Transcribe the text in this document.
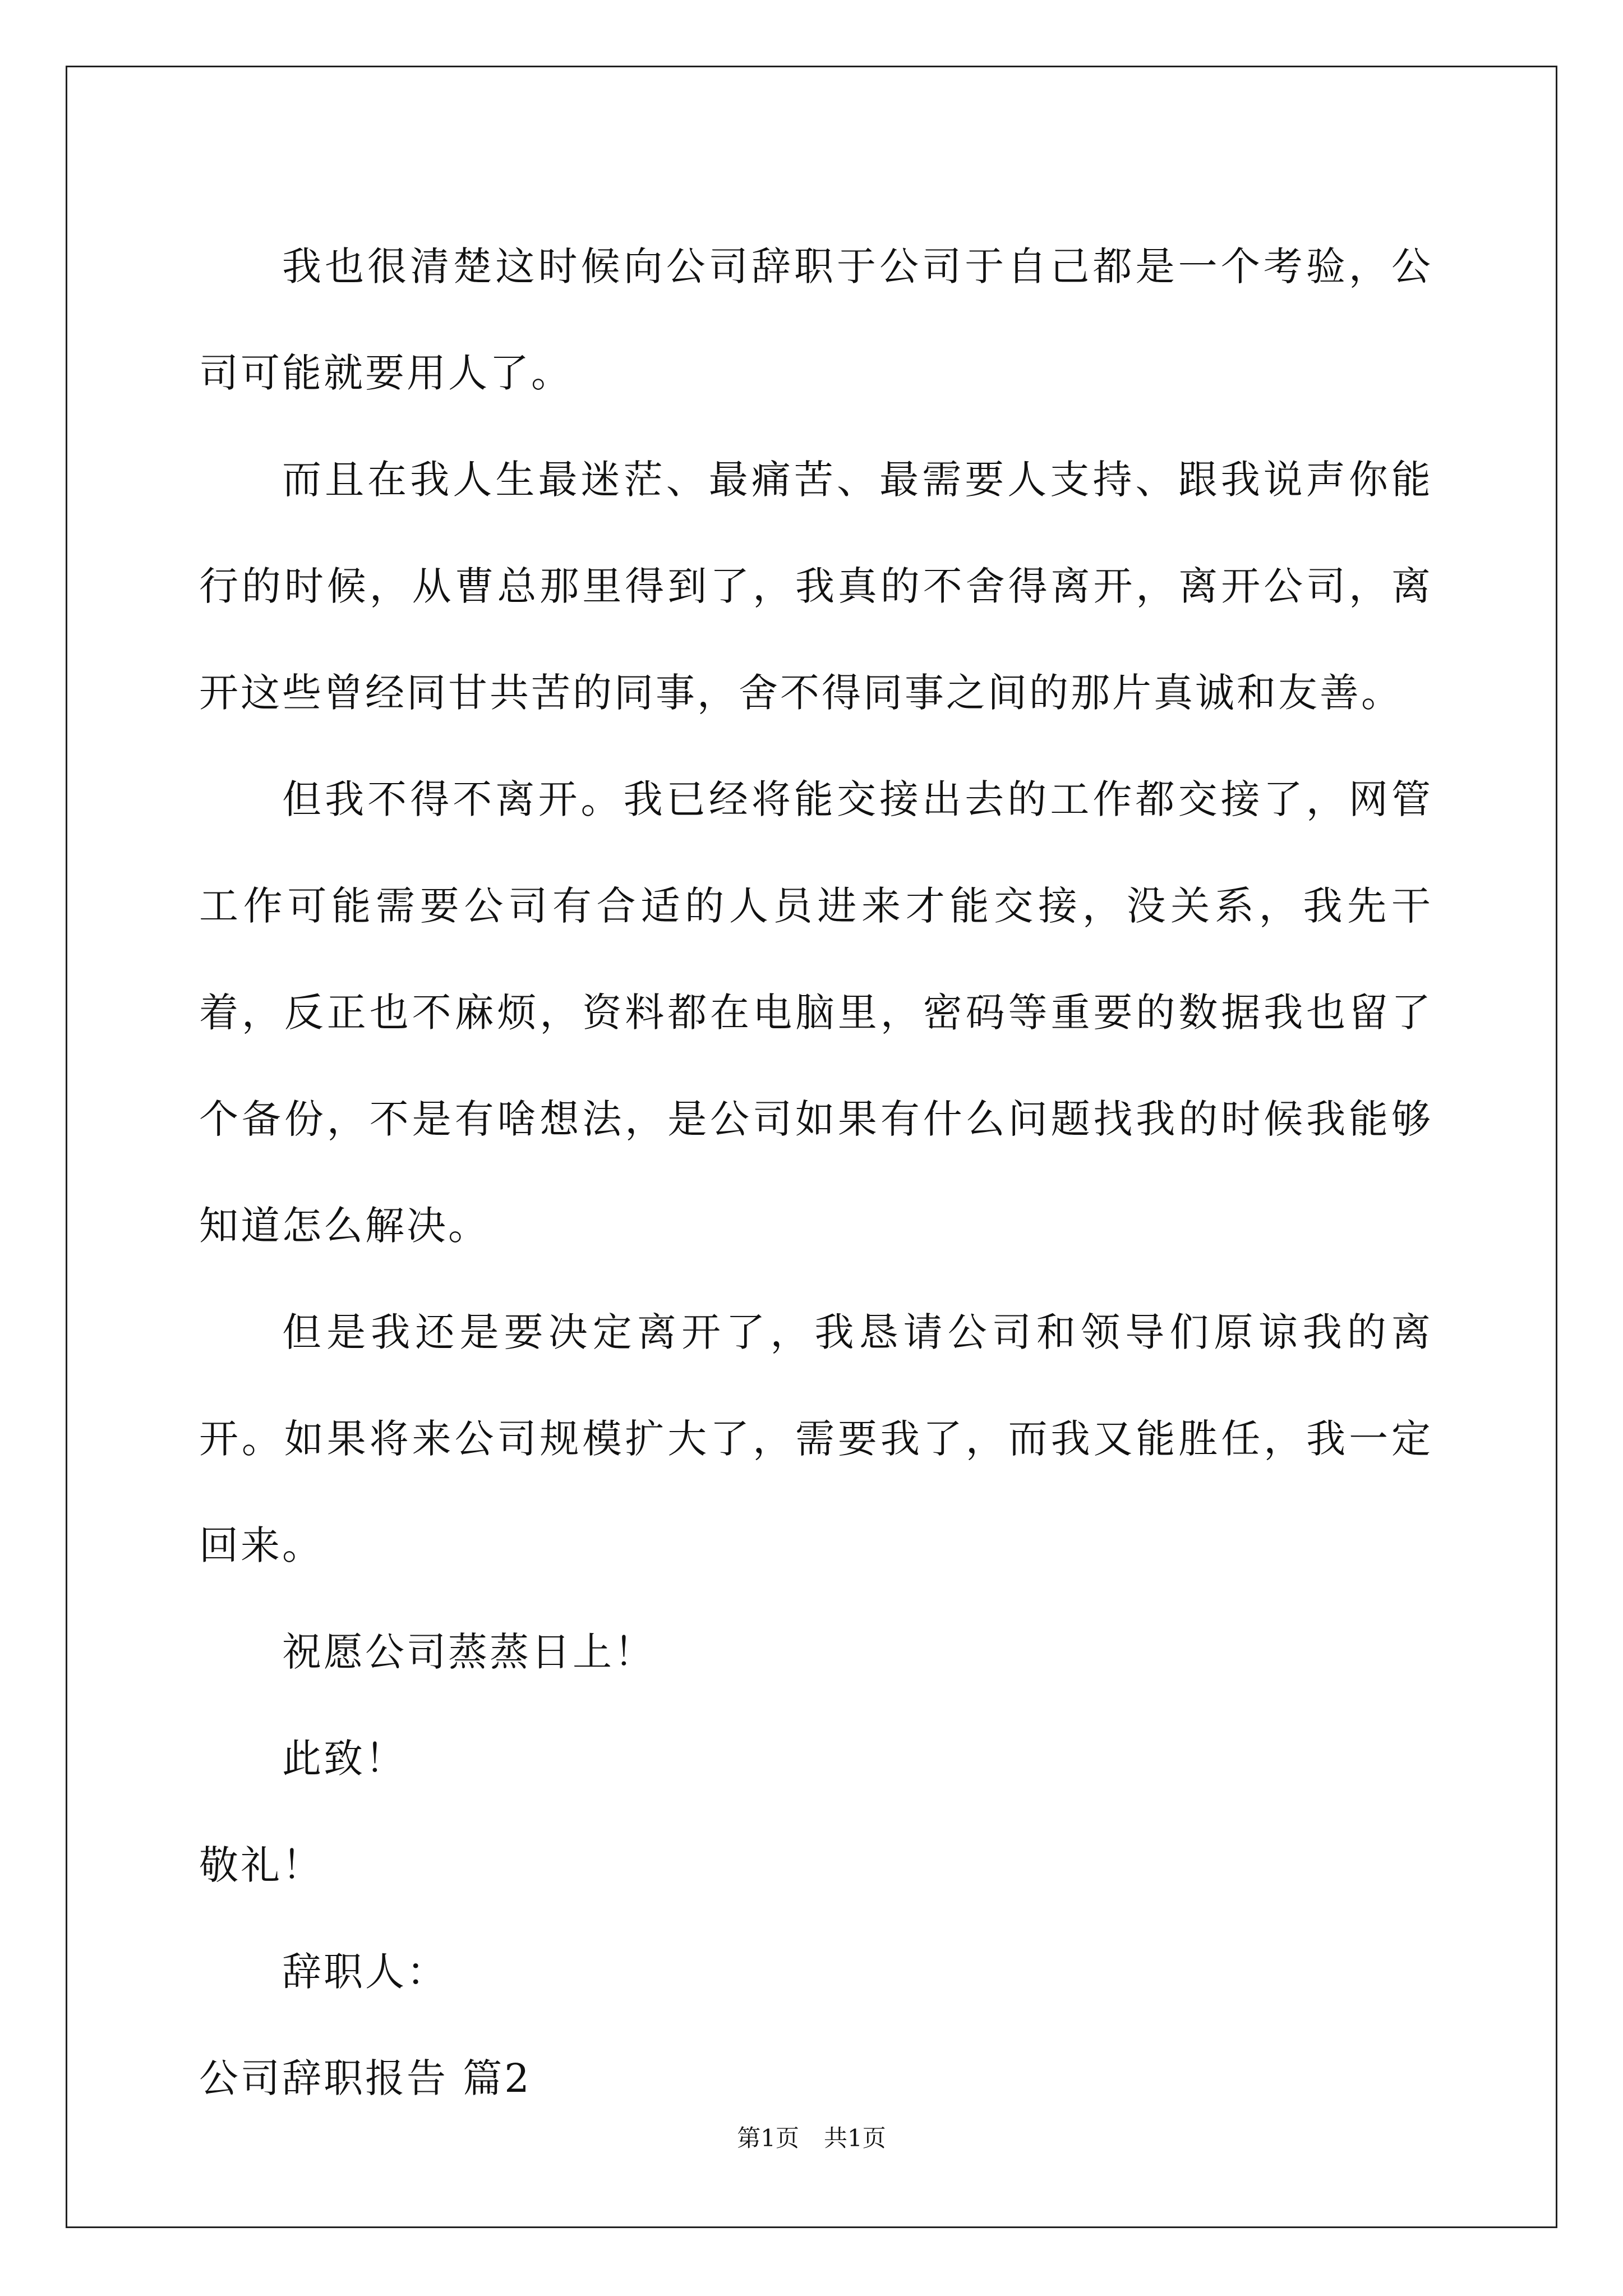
我也很清楚这时候向公司辞职于公司于自己都是一个考验，公司可能就要用人了。

而且在我人生最迷茫、最痛苦、最需要人支持、跟我说声你能行的时候，从曹总那里得到了，我真的不舍得离开，离开公司，离开这些曾经同甘共苦的同事，舍不得同事之间的那片真诚和友善。

但我不得不离开。我已经将能交接出去的工作都交接了，网管工作可能需要公司有合适的人员进来才能交接，没关系，我先干着，反正也不麻烦，资料都在电脑里，密码等重要的数据我也留了个备份，不是有啥想法，是公司如果有什么问题找我的时候我能够知道怎么解决。

但是我还是要决定离开了，我恳请公司和领导们原谅我的离开。如果将来公司规模扩大了，需要我了，而我又能胜任，我一定回来。

祝愿公司蒸蒸日上！

此致！

敬礼！

辞职人：

公司辞职报告 篇2

第1页 共1页
